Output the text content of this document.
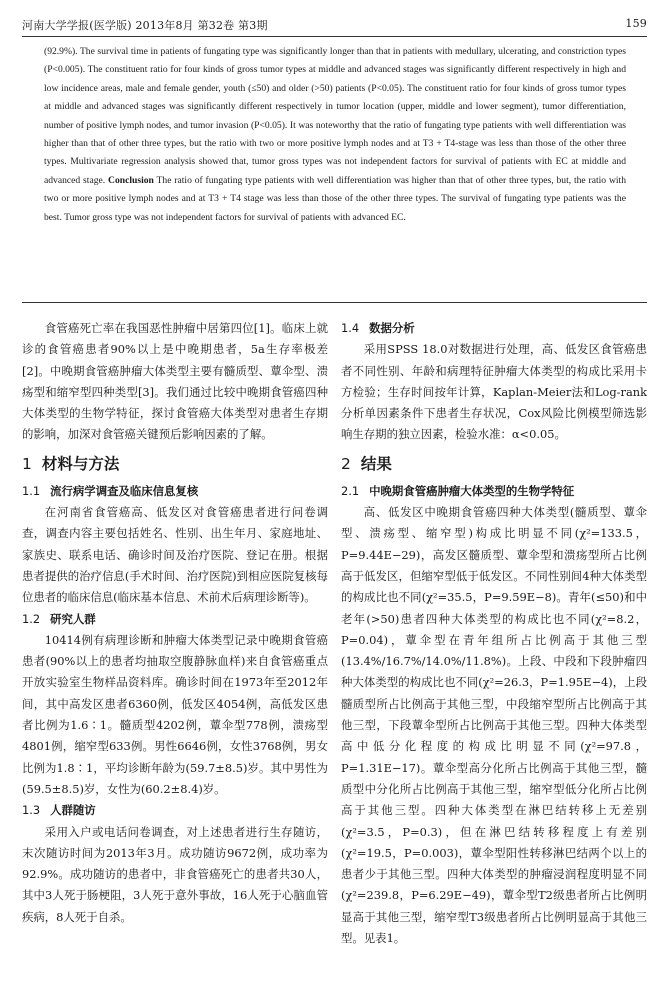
河南大学学报(医学版) 2013年8月 第32卷 第3期	159

(92.9%). The survival time in patients of fungating type was significantly longer than that in patients with medullary, ulcerating, and constriction types (P<0.005). The constituent ratio for four kinds of gross tumor types at middle and advanced stages was significantly different respectively in high and low incidence areas, male and female gender, youth (≤50) and older (>50) patients (P<0.05). The constituent ratio for four kinds of gross tumor types at middle and advanced stages was significantly different respectively in tumor location (upper, middle and lower segment), tumor differentiation, number of positive lymph nodes, and tumor invasion (P<0.05). It was noteworthy that the ratio of fungating type patients with well differentiation was higher than that of other three types, but the ratio with two or more positive lymph nodes and at T3 + T4-stage was less than those of the other three types. Multivariate regression analysis showed that, tumor gross types was not independent factors for survival of patients with EC at middle and advanced stage. Conclusion The ratio of fungating type patients with well differentiation was higher than that of other three types, but, the ratio with two or more positive lymph nodes and at T3 + T4 stage was less than those of the other three types. The survival of fungating type patients was the best. Tumor gross type was not independent factors for survival of patients with advanced EC.

食管癌死亡率在我国恶性肿瘤中居第四位[1]。临床上就诊的食管癌患者90%以上是中晚期患者，5a生存率极差[2]。中晚期食管癌肿瘤大体类型主要有髓质型、蕈伞型、溃疡型和缩窄型四种类型[3]。我们通过比较中晚期食管癌四种大体类型的生物学特征，探讨食管癌大体类型对患者生存期的影响，加深对食管癌关键预后影响因素的了解。

1 材料与方法
1.1 流行病学调查及临床信息复核

在河南省食管癌高、低发区对食管癌患者进行问卷调查，调查内容主要包括姓名、性别、出生年月、家庭地址、家族史、联系电话、确诊时间及治疗医院、登记在册。根据患者提供的治疗信息(手术时间、治疗医院)到相应医院复核每位患者的临床信息(临床基本信息、术前术后病理诊断等)。

1.2 研究人群

10414例有病理诊断和肿瘤大体类型记录中晚期食管癌患者(90%以上的患者均抽取空腹静脉血样)来自食管癌重点开放实验室生物样品资料库。确诊时间在1973年至2012年间，其中高发区患者6360例，低发区4054例，高低发区患者比例为1.6∶1。髓质型4202例，蕈伞型778例，溃疡型4801例，缩窄型633例。男性6646例，女性3768例，男女比例为1.8∶1，平均诊断年龄为(59.7±8.5)岁。其中男性为(59.5±8.5)岁，女性为(60.2±8.4)岁。

1.3 人群随访

采用入户或电话问卷调查，对上述患者进行生存随访，末次随访时间为2013年3月。成功随访9672例，成功率为92.9%。成功随访的患者中，非食管癌死亡的患者共30人，其中3人死于肠梗阻，3人死于意外事故，16人死于心脑血管疾病，8人死于自杀。

1.4 数据分析

采用SPSS 18.0对数据进行处理，高、低发区食管癌患者不同性别、年龄和病理特征肿瘤大体类型的构成比采用卡方检验；生存时间按年计算，Kaplan-Meier法和Log-rank分析单因素条件下患者生存状况，Cox风险比例模型筛选影响生存期的独立因素，检验水准：α<0.05。

2 结果
2.1 中晚期食管癌肿瘤大体类型的生物学特征

高、低发区中晚期食管癌四种大体类型(髓质型、蕈伞型、溃疡型、缩窄型)构成比明显不同(χ²=133.5，P=9.44E−29)，高发区髓质型、蕈伞型和溃疡型所占比例高于低发区，但缩窄型低于低发区。不同性别间4种大体类型的构成比也不同(χ²=35.5，P=9.59E−8)。青年(≤50)和中老年(>50)患者四种大体类型的构成比也不同(χ²=8.2，P=0.04)，蕈伞型在青年组所占比例高于其他三型(13.4%/16.7%/14.0%/11.8%)。上段、中段和下段肿瘤四种大体类型的构成比也不同(χ²=26.3，P=1.95E−4)，上段髓质型所占比例高于其他三型，中段缩窄型所占比例高于其他三型，下段蕈伞型所占比例高于其他三型。四种大体类型高中低分化程度的构成比明显不同(χ²=97.8，P=1.31E−17)。蕈伞型高分化所占比例高于其他三型，髓质型中分化所占比例高于其他三型，缩窄型低分化所占比例高于其他三型。四种大体类型在淋巴结转移上无差别(χ²=3.5，P=0.3)，但在淋巴结转移程度上有差别(χ²=19.5，P=0.003)，蕈伞型阳性转移淋巴结两个以上的患者少于其他三型。四种大体类型的肿瘤浸润程度明显不同(χ²=239.8，P=6.29E−49)，蕈伞型T2级患者所占比例明显高于其他三型，缩窄型T3级患者所占比例明显高于其他三型。见表1。
